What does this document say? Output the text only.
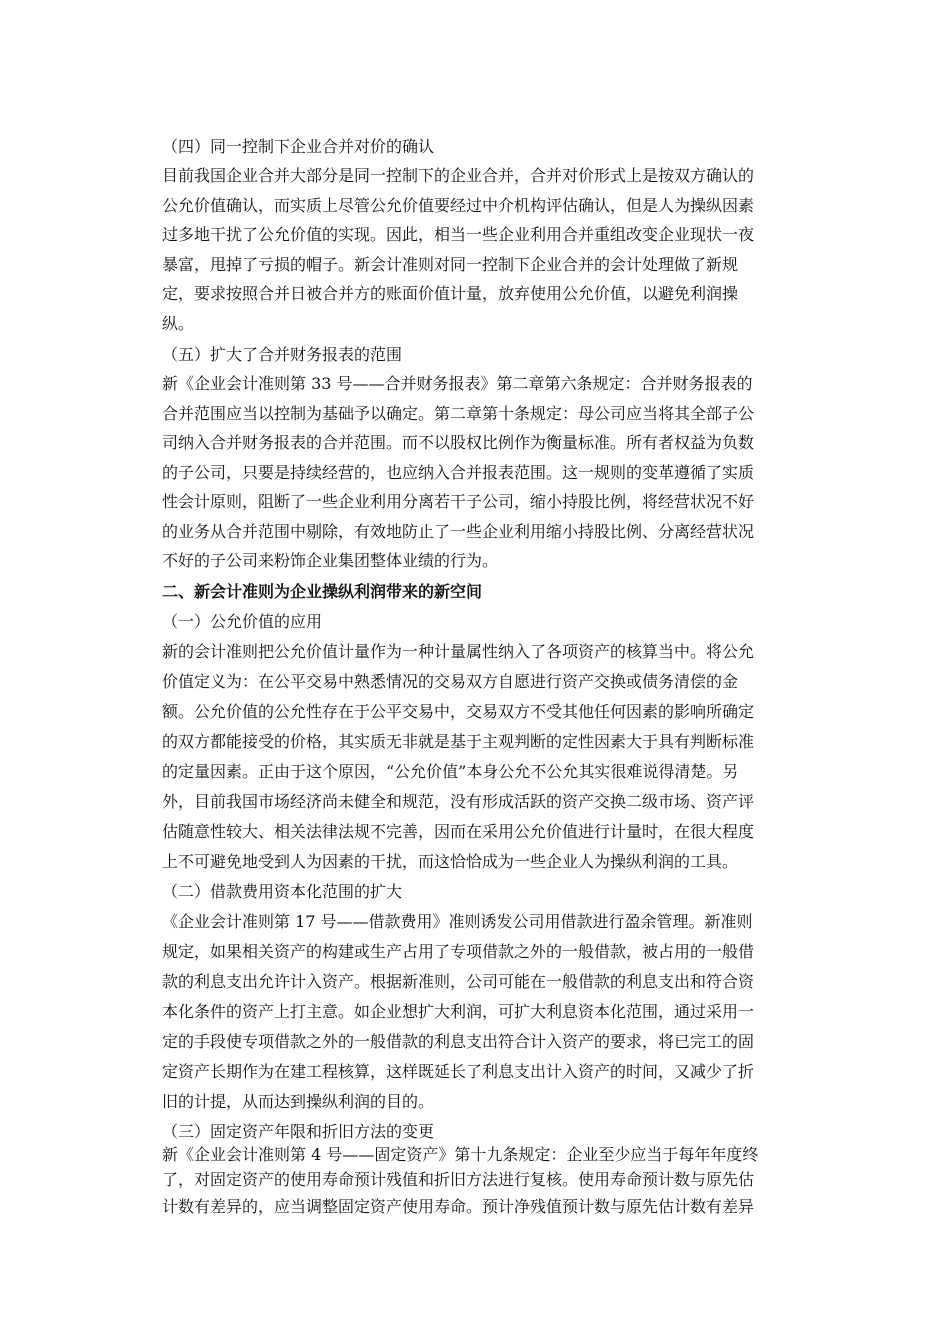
（四）同一控制下企业合并对价的确认
目前我国企业合并大部分是同一控制下的企业合并，合并对价形式上是按双方确认的
公允价值确认，而实质上尽管公允价值要经过中介机构评估确认，但是人为操纵因素
过多地干扰了公允价值的实现。因此，相当一些企业利用合并重组改变企业现状一夜
暴富，甩掉了亏损的帽子。新会计准则对同一控制下企业合并的会计处理做了新规
定，要求按照合并日被合并方的账面价值计量，放弃使用公允价值，以避免利润操
纵。
（五）扩大了合并财务报表的范围
新《企业会计准则第 33 号——合并财务报表》第二章第六条规定：合并财务报表的
合并范围应当以控制为基础予以确定。第二章第十条规定：母公司应当将其全部子公
司纳入合并财务报表的合并范围。而不以股权比例作为衡量标准。所有者权益为负数
的子公司，只要是持续经营的，也应纳入合并报表范围。这一规则的变革遵循了实质
性会计原则，阻断了一些企业利用分离若干子公司，缩小持股比例，将经营状况不好
的业务从合并范围中剔除，有效地防止了一些企业利用缩小持股比例、分离经营状况
不好的子公司来粉饰企业集团整体业绩的行为。
二、新会计准则为企业操纵利润带来的新空间
（一）公允价值的应用
新的会计准则把公允价值计量作为一种计量属性纳入了各项资产的核算当中。将公允
价值定义为：在公平交易中熟悉情况的交易双方自愿进行资产交换或债务清偿的金
额。公允价值的公允性存在于公平交易中，交易双方不受其他任何因素的影响所确定
的双方都能接受的价格，其实质无非就是基于主观判断的定性因素大于具有判断标准
的定量因素。正由于这个原因，“公允价值”本身公允不公允其实很难说得清楚。另
外，目前我国市场经济尚未健全和规范，没有形成活跃的资产交换二级市场、资产评
估随意性较大、相关法律法规不完善，因而在采用公允价值进行计量时，在很大程度
上不可避免地受到人为因素的干扰，而这恰恰成为一些企业人为操纵利润的工具。
（二）借款费用资本化范围的扩大
《企业会计准则第 17 号——借款费用》准则诱发公司用借款进行盈余管理。新准则
规定，如果相关资产的构建或生产占用了专项借款之外的一般借款，被占用的一般借
款的利息支出允许计入资产。根据新准则，公司可能在一般借款的利息支出和符合资
本化条件的资产上打主意。如企业想扩大利润，可扩大利息资本化范围，通过采用一
定的手段使专项借款之外的一般借款的利息支出符合计入资产的要求，将已完工的固
定资产长期作为在建工程核算，这样既延长了利息支出计入资产的时间，又减少了折
旧的计提，从而达到操纵利润的目的。
（三）固定资产年限和折旧方法的变更
新《企业会计准则第 4 号——固定资产》第十九条规定：企业至少应当于每年年度终
了，对固定资产的使用寿命预计残值和折旧方法进行复核。使用寿命预计数与原先估
计数有差异的，应当调整固定资产使用寿命。预计净残值预计数与原先估计数有差异
